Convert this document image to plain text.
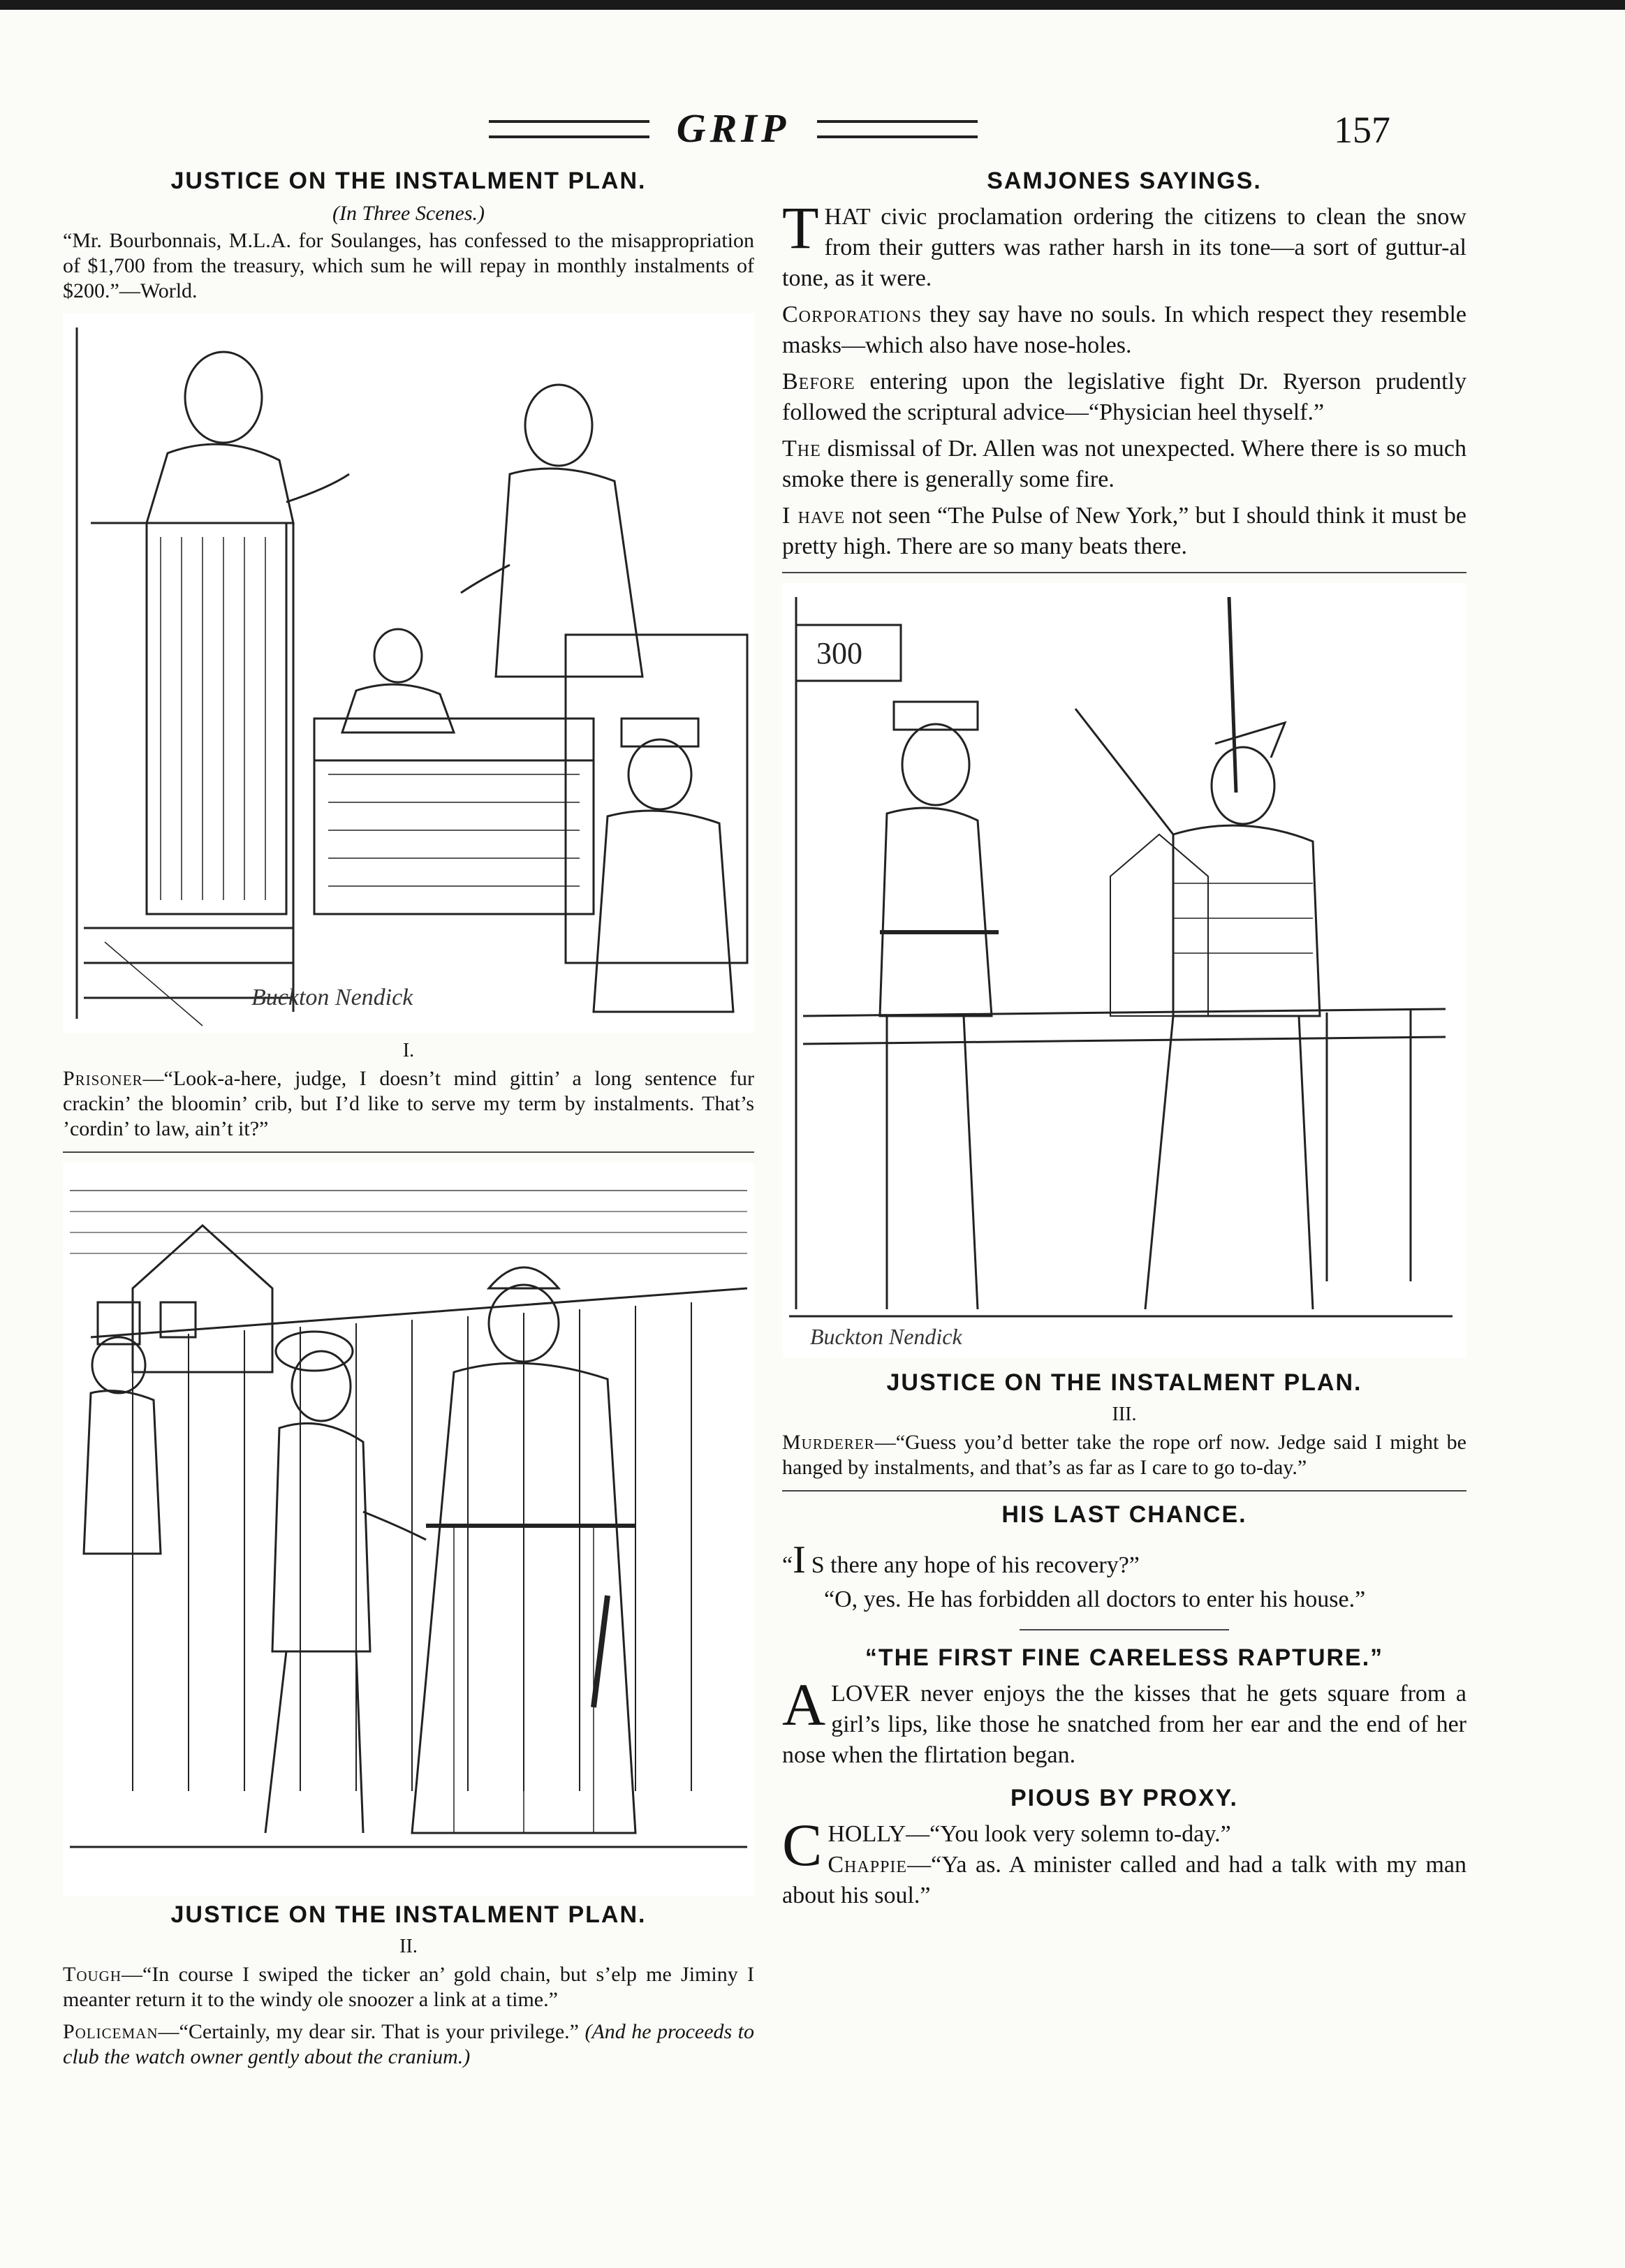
GRIP	157
JUSTICE ON THE INSTALMENT PLAN.
(In Three Scenes.)

“Mr. Bourbonnais, M.L.A. for Soulanges, has confessed to the misappropriation of $1,700 from the treasury, which sum he will repay in monthly instalments of $200.”—World.

Buckton Nendick
I.

Prisoner—“Look-a-here, judge, I doesn’t mind gittin’ a long sentence fur crackin’ the bloomin’ crib, but I’d like to serve my term by instalments. That’s ’cordin’ to law, ain’t it?”

JUSTICE ON THE INSTALMENT PLAN.
II.

Tough—“In course I swiped the ticker an’ gold chain, but s’elp me Jiminy I meanter return it to the windy ole snoozer a link at a time.”

Policeman—“Certainly, my dear sir. That is your privilege.” (And he proceeds to club the watch owner gently about the cranium.)

SAMJONES SAYINGS.

THAT civic proclamation ordering the citizens to clean the snow from their gutters was rather harsh in its tone—a sort of guttur-al tone, as it were.

Corporations they say have no souls. In which respect they resemble masks—which also have nose-holes.

Before entering upon the legislative fight Dr. Ryerson prudently followed the scriptural advice—“Physician heel thyself.”

The dismissal of Dr. Allen was not unexpected. Where there is so much smoke there is generally some fire.

I have not seen “The Pulse of New York,” but I should think it must be pretty high. There are so many beats there.

300
Buckton Nendick
JUSTICE ON THE INSTALMENT PLAN.
III.

Murderer—“Guess you’d better take the rope orf now. Jedge said I might be hanged by instalments, and that’s as far as I care to go to-day.”

HIS LAST CHANCE.

“I S there any hope of his recovery?”

“O, yes. He has forbidden all doctors to enter his house.”

“THE FIRST FINE CARELESS RAPTURE.”

ALOVER never enjoys the the kisses that he gets square from a girl’s lips, like those he snatched from her ear and the end of her nose when the flirtation began.

PIOUS BY PROXY.

CHOLLY—“You look very solemn to-day.”

Chappie—“Ya as. A minister called and had a talk with my man about his soul.”
